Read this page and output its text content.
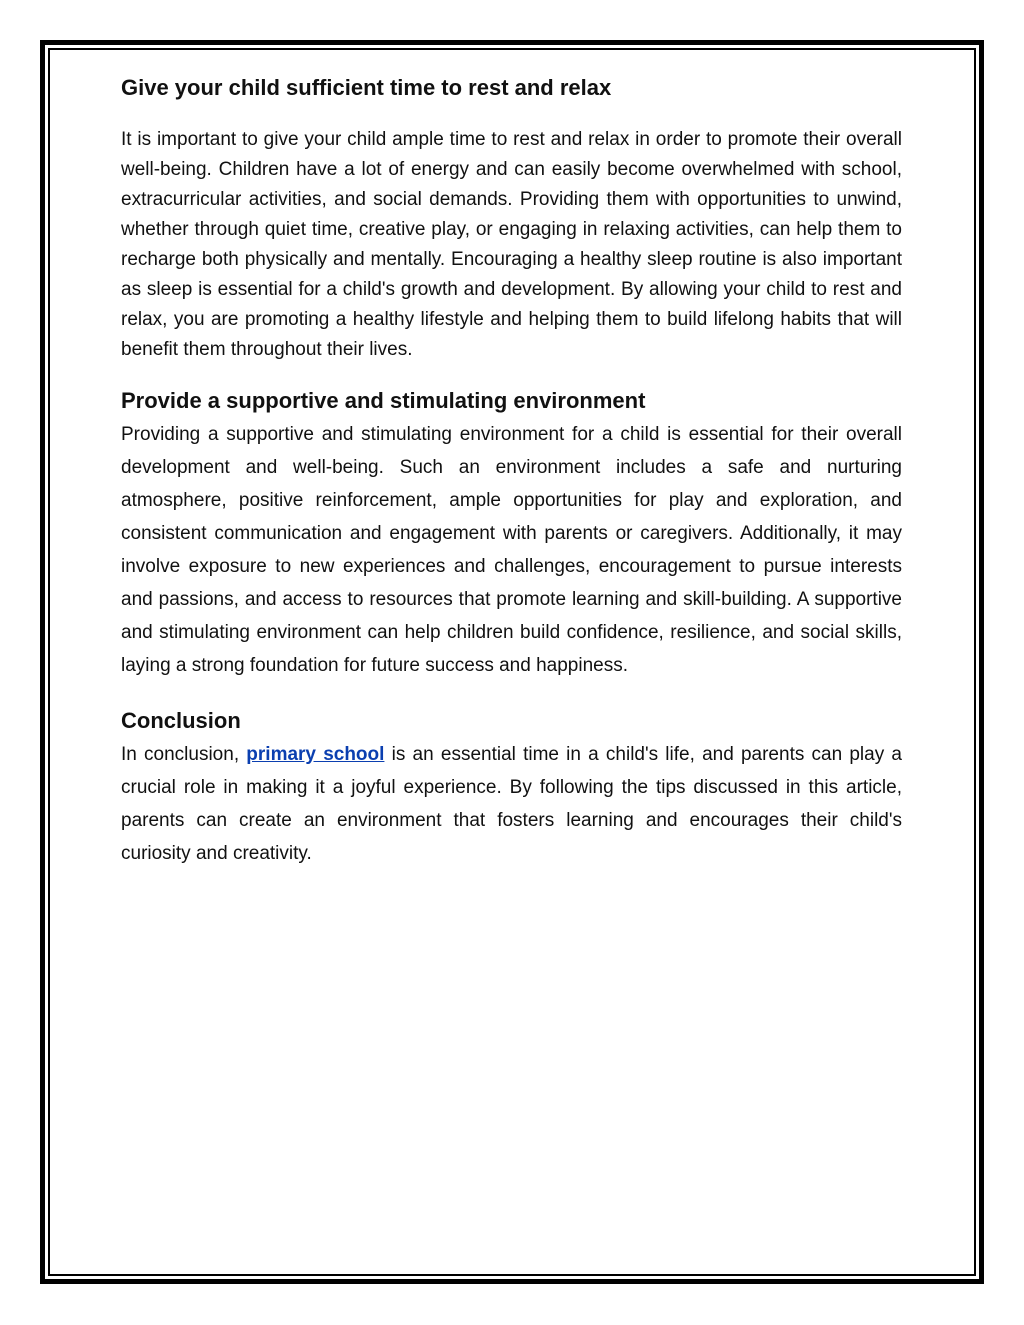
Give your child sufficient time to rest and relax

It is important to give your child ample time to rest and relax in order to promote their overall well-being. Children have a lot of energy and can easily become overwhelmed with school, extracurricular activities, and social demands. Providing them with opportunities to unwind, whether through quiet time, creative play, or engaging in relaxing activities, can help them to recharge both physically and mentally. Encouraging a healthy sleep routine is also important as sleep is essential for a child's growth and development. By allowing your child to rest and relax, you are promoting a healthy lifestyle and helping them to build lifelong habits that will benefit them throughout their lives.

Provide a supportive and stimulating environment

Providing a supportive and stimulating environment for a child is essential for their overall development and well-being. Such an environment includes a safe and nurturing atmosphere, positive reinforcement, ample opportunities for play and exploration, and consistent communication and engagement with parents or caregivers. Additionally, it may involve exposure to new experiences and challenges, encouragement to pursue interests and passions, and access to resources that promote learning and skill-building. A supportive and stimulating environment can help children build confidence, resilience, and social skills, laying a strong foundation for future success and happiness.

Conclusion

In conclusion, primary school is an essential time in a child's life, and parents can play a crucial role in making it a joyful experience. By following the tips discussed in this article, parents can create an environment that fosters learning and encourages their child's curiosity and creativity.
